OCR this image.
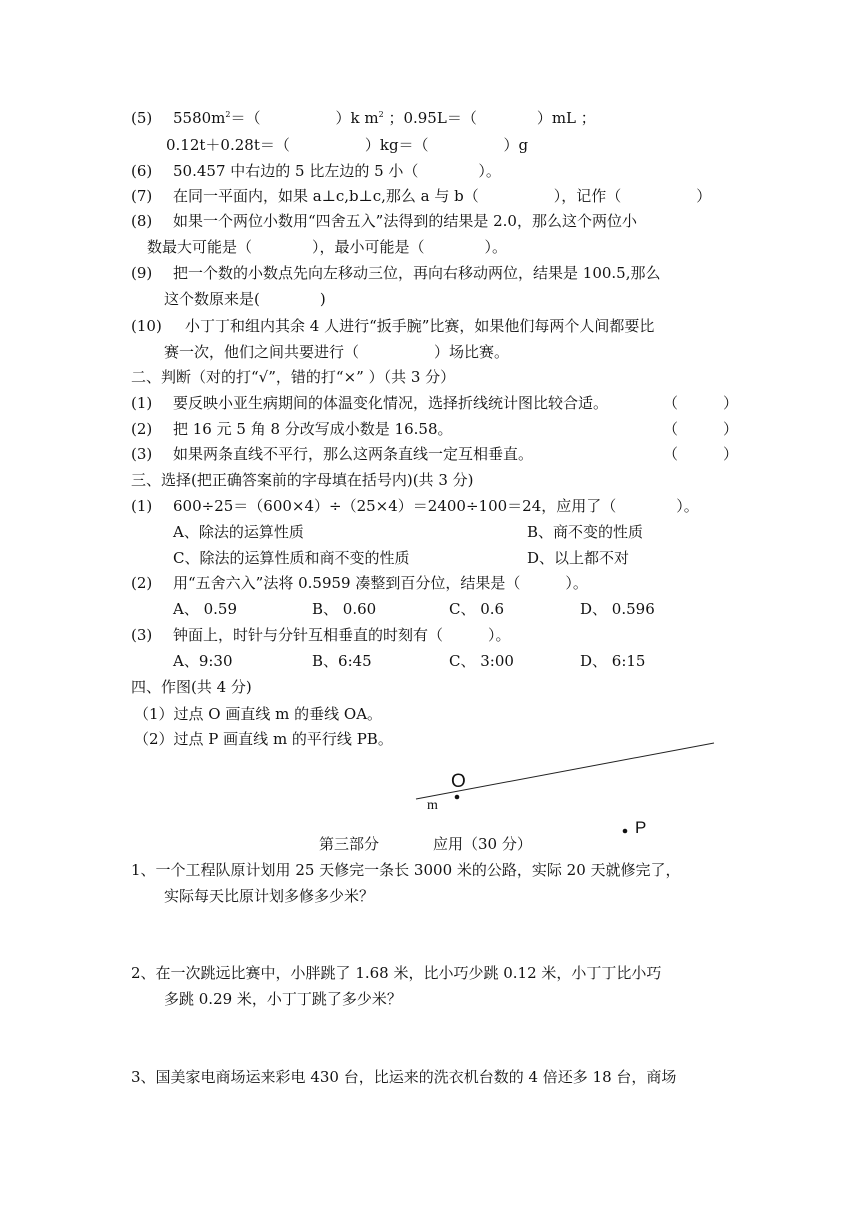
(5) $5580m^2=$（　　　　　）k $m^2$ ；0.95L＝（　　　　）mL ；
0.12t＋0.28t＝（　　　　　）kg＝（　　　　　）g
(6) 50.457 中右边的 5 比左边的 5 小（　　　　）。
(7) 在同一平面内，如果 a⊥c,b⊥c,那么 a 与 b（　　　　　），记作（　　　　　）
(8) 如果一个两位小数用“四舍五入”法得到的结果是 2.0，那么这个两位小
数最大可能是（　　　　），最小可能是（　　　　）。
(9) 把一个数的小数点先向左移动三位，再向右移动两位，结果是 100.5,那么
这个数原来是(　　　　)
(10) 小丁丁和组内其余 4 人进行“扳手腕”比赛，如果他们每两个人间都要比
赛一次，他们之间共要进行（　　　　　）场比赛。
二、判断（对的打“√”，错的打“×” ）（共 3 分）
(1) 要反映小亚生病期间的体温变化情况，选择折线统计图比较合适。	（　　　）
(2) 把 16 元 5 角 8 分改写成小数是 16.58。	（　　　）
(3) 如果两条直线不平行，那么这两条直线一定互相垂直。	（　　　）
三、选择(把正确答案前的字母填在括号内)(共 3 分)
(1) 600÷25＝（600×4）÷（25×4）＝2400÷100＝24，应用了（　　　　）。
A、除法的运算性质	B、商不变的性质
C、除法的运算性质和商不变的性质	D、以上都不对
(2) 用“五舍六入”法将 0.5959 凑整到百分位，结果是（　　　）。
A、 0.59	B、 0.60	C、 0.6	D、 0.596
(3) 钟面上，时针与分针互相垂直的时刻有（　　　）。
A、9:30	B、6:45	C、 3:00	D、 6:15
四、作图(共 4 分)
（1）过点 O 画直线 m 的垂线 OA。
（2）过点 P 画直线 m 的平行线 PB。
O
m
P
第三部分	应用（30 分）
1、一个工程队原计划用 25 天修完一条长 3000 米的公路，实际 20 天就修完了，
实际每天比原计划多修多少米？
2、在一次跳远比赛中，小胖跳了 1.68 米，比小巧少跳 0.12 米，小丁丁比小巧
多跳 0.29 米，小丁丁跳了多少米？
3、国美家电商场运来彩电 430 台，比运来的洗衣机台数的 4 倍还多 18 台，商场
